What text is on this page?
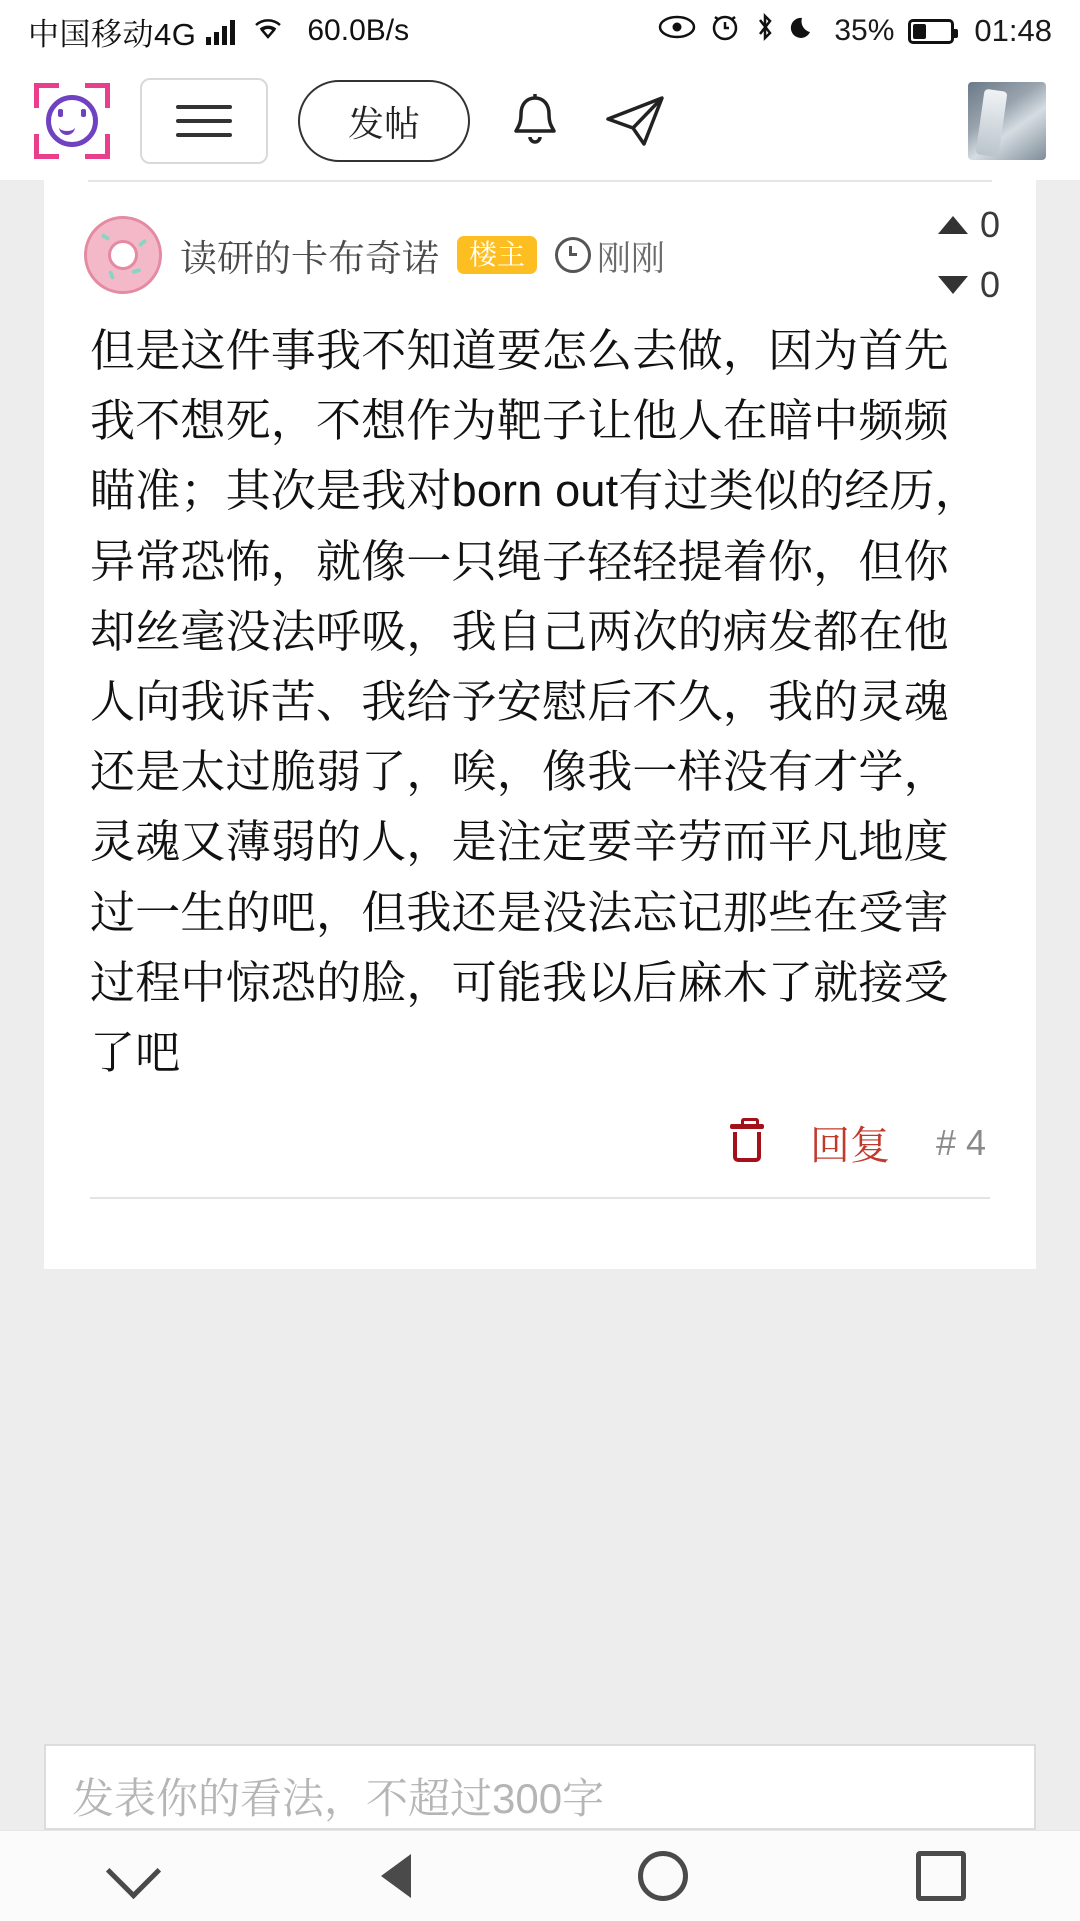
中国移动4G	60.0B/s	35%	01:48
发帖
读研的卡布奇诺	楼主	刚刚
0
0
但是这件事我不知道要怎么去做，因为首先我不想死，不想作为靶子让他人在暗中频频瞄准；其次是我对born out有过类似的经历，异常恐怖，就像一只绳子轻轻提着你，但你却丝毫没法呼吸，我自己两次的病发都在他人向我诉苦、我给予安慰后不久，我的灵魂还是太过脆弱了，唉，像我一样没有才学，灵魂又薄弱的人，是注定要辛劳而平凡地度过一生的吧，但我还是没法忘记那些在受害过程中惊恐的脸，可能我以后麻木了就接受了吧
回复 # 4
发表你的看法，不超过300字
